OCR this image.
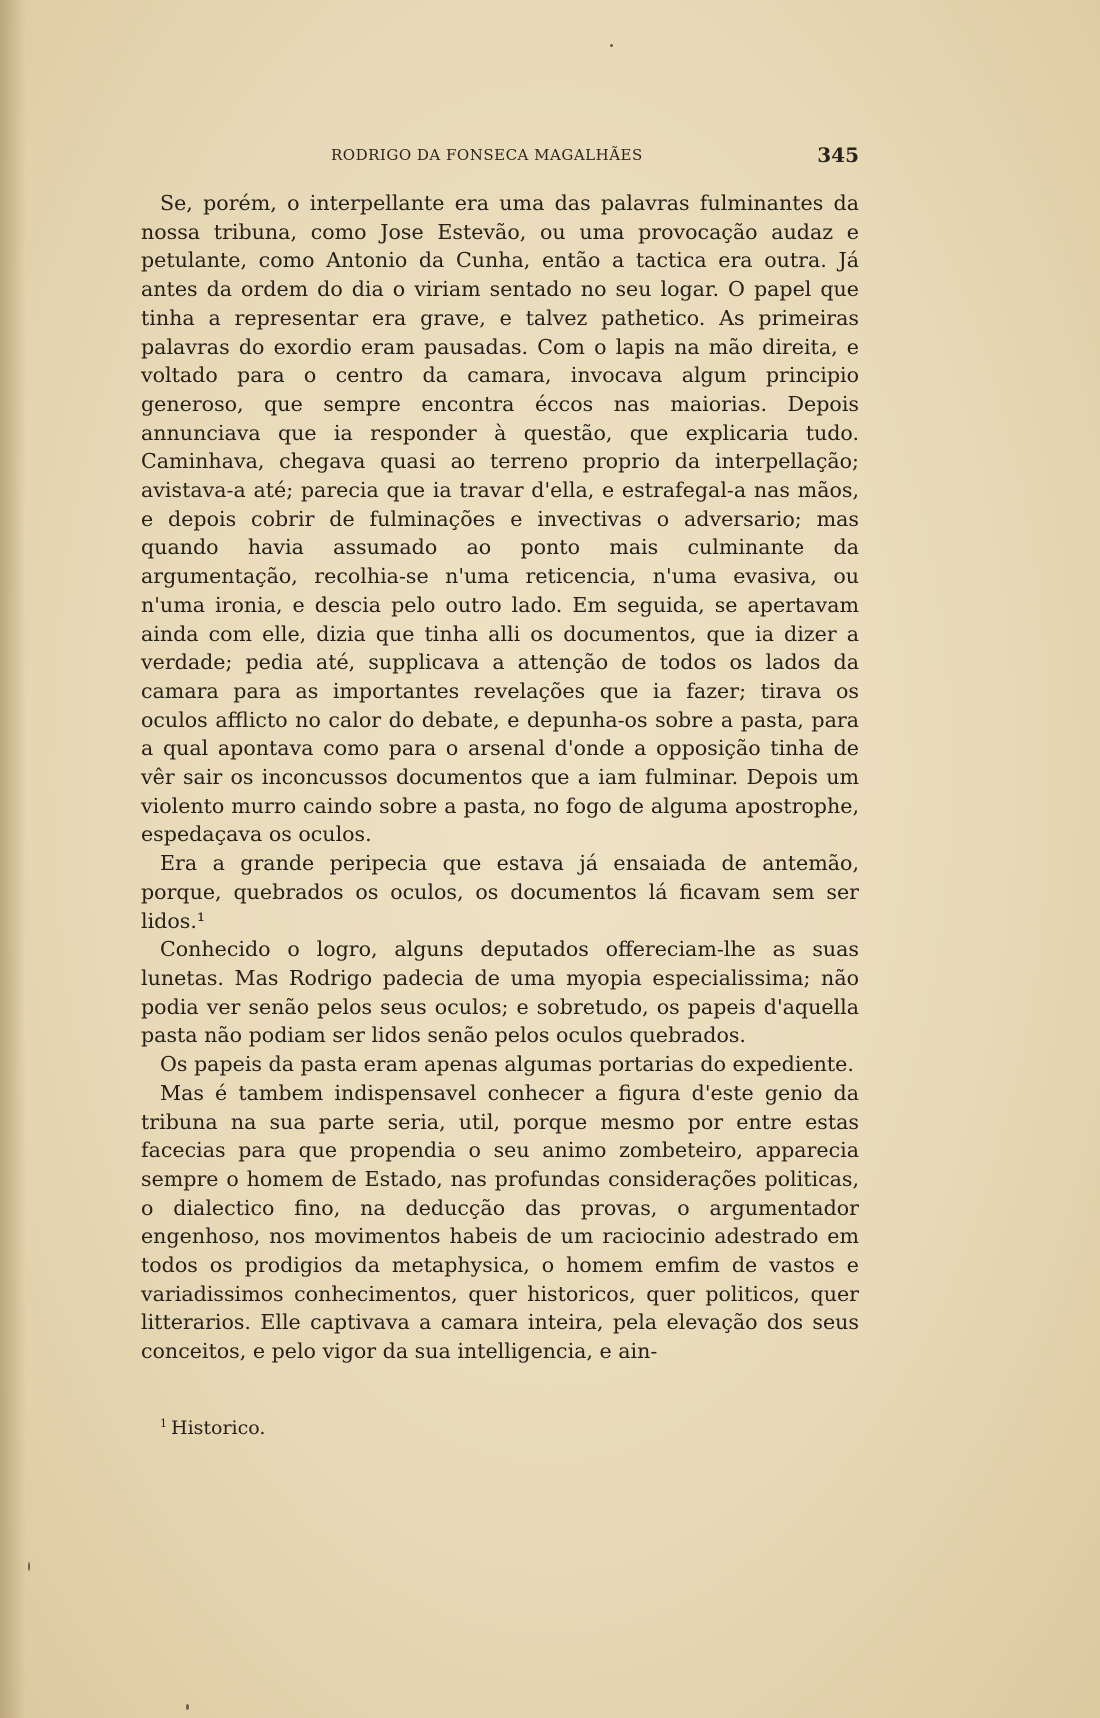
RODRIGO DA FONSECA MAGALHÃES	345

Se, porém, o interpellante era uma das palavras fulminantes da nossa tribuna, como Jose Estevão, ou uma provocação audaz e petulante, como Antonio da Cunha, então a tactica era outra. Já antes da ordem do dia o viriam sentado no seu logar. O papel que tinha a representar era grave, e talvez pathetico. As primeiras palavras do exordio eram pausadas. Com o lapis na mão direita, e voltado para o centro da camara, invocava algum principio generoso, que sempre encontra éccos nas maiorias. Depois annunciava que ia responder à questão, que explicaria tudo. Caminhava, chegava quasi ao terreno proprio da interpellação; avistava-a até; parecia que ia travar d'ella, e estrafegal-a nas mãos, e depois cobrir de fulminações e invectivas o adversario; mas quando havia assumado ao ponto mais culminante da argumentação, recolhia-se n'uma reticencia, n'uma evasiva, ou n'uma ironia, e descia pelo outro lado. Em seguida, se apertavam ainda com elle, dizia que tinha alli os documentos, que ia dizer a verdade; pedia até, supplicava a attenção de todos os lados da camara para as importantes revelações que ia fazer; tirava os oculos afflicto no calor do debate, e depunha-os sobre a pasta, para a qual apontava como para o arsenal d'onde a opposição tinha de vêr sair os inconcussos documentos que a iam fulminar. Depois um violento murro caindo sobre a pasta, no fogo de alguma apostrophe, espedaçava os oculos.

Era a grande peripecia que estava já ensaiada de antemão, porque, quebrados os oculos, os documentos lá ficavam sem ser lidos.¹

Conhecido o logro, alguns deputados offereciam-lhe as suas lunetas. Mas Rodrigo padecia de uma myopia especialissima; não podia ver senão pelos seus oculos; e sobretudo, os papeis d'aquella pasta não podiam ser lidos senão pelos oculos quebrados.

Os papeis da pasta eram apenas algumas portarias do expediente.

Mas é tambem indispensavel conhecer a figura d'este genio da tribuna na sua parte seria, util, porque mesmo por entre estas facecias para que propendia o seu animo zombeteiro, apparecia sempre o homem de Estado, nas profundas considerações politicas, o dialectico fino, na deducção das provas, o argumentador engenhoso, nos movimentos habeis de um raciocinio adestrado em todos os prodigios da metaphysica, o homem emfim de vastos e variadissimos conhecimentos, quer historicos, quer politicos, quer litterarios. Elle captivava a camara inteira, pela elevação dos seus conceitos, e pelo vigor da sua intelligencia, e ain-

$^1$ Historico.
